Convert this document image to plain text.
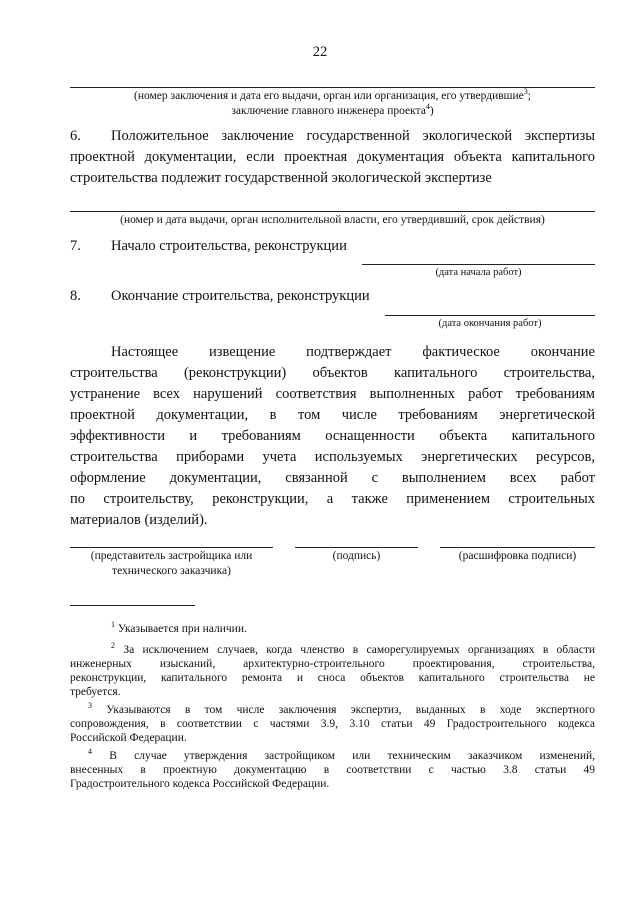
22
(номер заключения и дата его выдачи, орган или организация, его утвердившие$^3$;
заключение главного инженера проекта$^4$)
6. Положительное заключение государственной экологической экспертизы
проектной документации, если проектная документация объекта капитального
строительства подлежит государственной экологической экспертизе
(номер и дата выдачи, орган исполнительной власти, его утвердивший, срок действия)
7. Начало строительства, реконструкции
(дата начала работ)
8. Окончание строительства, реконструкции
(дата окончания работ)
Настоящее извещение подтверждает фактическое окончание
строительства (реконструкции) объектов капитального строительства,
устранение всех нарушений соответствия выполненных работ требованиям
проектной документации, в том числе требованиям энергетической
эффективности и требованиям оснащенности объекта капитального
строительства приборами учета используемых энергетических ресурсов,
оформление документации, связанной с выполнением всех работ
по строительству, реконструкции, а также применением строительных
материалов (изделий).
(представитель застройщика или
технического заказчика)
(подпись)	(расшифровка подписи)
$^1$ Указывается при наличии.
$^2$ За исключением случаев, когда членство в саморегулируемых организациях в области
инженерных изысканий, архитектурно-строительного проектирования, строительства,
реконструкции, капитального ремонта и сноса объектов капитального строительства не
требуется.
$^3$ Указываются в том числе заключения экспертиз, выданных в ходе экспертного
сопровождения, в соответствии с частями 3.9, 3.10 статьи 49 Градостроительного кодекса
Российской Федерации.
$^4$ В случае утверждения застройщиком или техническим заказчиком изменений,
внесенных в проектную документацию в соответствии с частью 3.8 статьи 49
Градостроительного кодекса Российской Федерации.
